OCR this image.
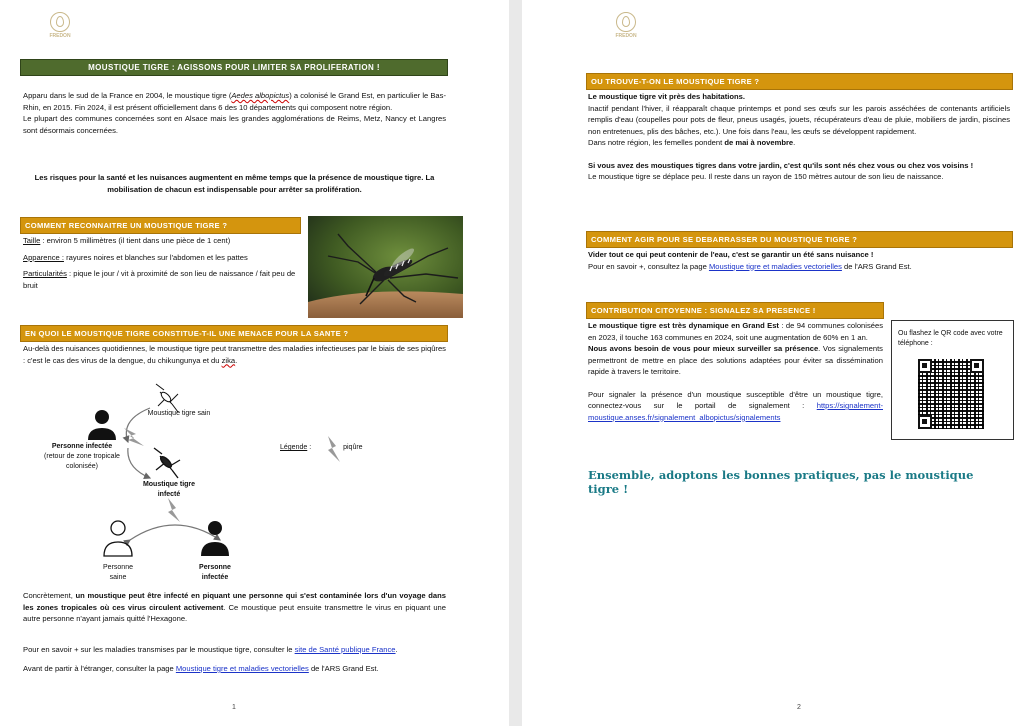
FREDON
MOUSTIQUE TIGRE : AGISSONS POUR LIMITER SA PROLIFERATION !

Apparu dans le sud de la France en 2004, le moustique tigre (Aedes albopictus) a colonisé le Grand Est, en particulier le Bas-Rhin, en 2015. Fin 2024, il est présent officiellement dans 6 des 10 départements qui composent notre région.

Le plupart des communes concernées sont en Alsace mais les grandes agglomérations de Reims, Metz, Nancy et Langres sont désormais concernées.

Les risques pour la santé et les nuisances augmentent en même temps que la présence de moustique tigre. La mobilisation de chacun est indispensable pour arrêter sa prolifération.
COMMENT RECONNAITRE UN MOUSTIQUE TIGRE ?

Taille : environ 5 millimètres (il tient dans une pièce de 1 cent)

Apparence : rayures noires et blanches sur l'abdomen et les pattes

Particularités : pique le jour / vit à proximité de son lieu de naissance / fait peu de bruit

EN QUOI LE MOUSTIQUE TIGRE CONSTITUE-T-IL UNE MENACE POUR LA SANTE ?
Au-delà des nuisances quotidiennes, le moustique tigre peut transmettre des maladies infectieuses par le biais de ses piqûres : c'est le cas des virus de la dengue, du chikungunya et du zika.
Moustique tigre sain

Personne infectée

(retour de zone tropicale colonisée)

Moustique tigre infecté
Légende :	piqûre
Personne saine
Personne infectée
Concrètement, un moustique peut être infecté en piquant une personne qui s'est contaminée lors d'un voyage dans les zones tropicales où ces virus circulent activement. Ce moustique peut ensuite transmettre le virus en piquant une autre personne n'ayant jamais quitté l'Hexagone.
Pour en savoir + sur les maladies transmises par le moustique tigre, consulter le site de Santé publique France.
Avant de partir à l'étranger, consulter la page Moustique tigre et maladies vectorielles de l'ARS Grand Est.
1
FREDON
OU TROUVE-T-ON LE MOUSTIQUE TIGRE ?

Le moustique tigre vit près des habitations.

Inactif pendant l'hiver, il réapparaît chaque printemps et pond ses œufs sur les parois asséchées de contenants artificiels remplis d'eau (coupelles pour pots de fleur, pneus usagés, jouets, récupérateurs d'eau de pluie, mobiliers de jardin, piscines non entretenues, plis des bâches, etc.). Une fois dans l'eau, les œufs se développent rapidement.

Dans notre région, les femelles pondent de mai à novembre.

Si vous avez des moustiques tigres dans votre jardin, c'est qu'ils sont nés chez vous ou chez vos voisins !

Le moustique tigre se déplace peu. Il reste dans un rayon de 150 mètres autour de son lieu de naissance.

COMMENT AGIR POUR SE DEBARRASSER DU MOUSTIQUE TIGRE ?

Vider tout ce qui peut contenir de l'eau, c'est se garantir un été sans nuisance !

Pour en savoir +, consultez la page Moustique tigre et maladies vectorielles de l'ARS Grand Est.

CONTRIBUTION CITOYENNE : SIGNALEZ SA PRESENCE !

Le moustique tigre est très dynamique en Grand Est : de 94 communes colonisées en 2023, il touche 163 communes en 2024, soit une augmentation de 60% en 1 an.

Nous avons besoin de vous pour mieux surveiller sa présence. Vos signalements permettront de mettre en place des solutions adaptées pour éviter sa dissémination rapide à travers le territoire.

Pour signaler la présence d'un moustique susceptible d'être un moustique tigre, connectez-vous sur le portail de signalement : https://signalement-moustique.anses.fr/signalement_albopictus/signalements

Ou flashez le QR code avec votre téléphone :
Ensemble, adoptons les bonnes pratiques, pas le moustique tigre !
2
